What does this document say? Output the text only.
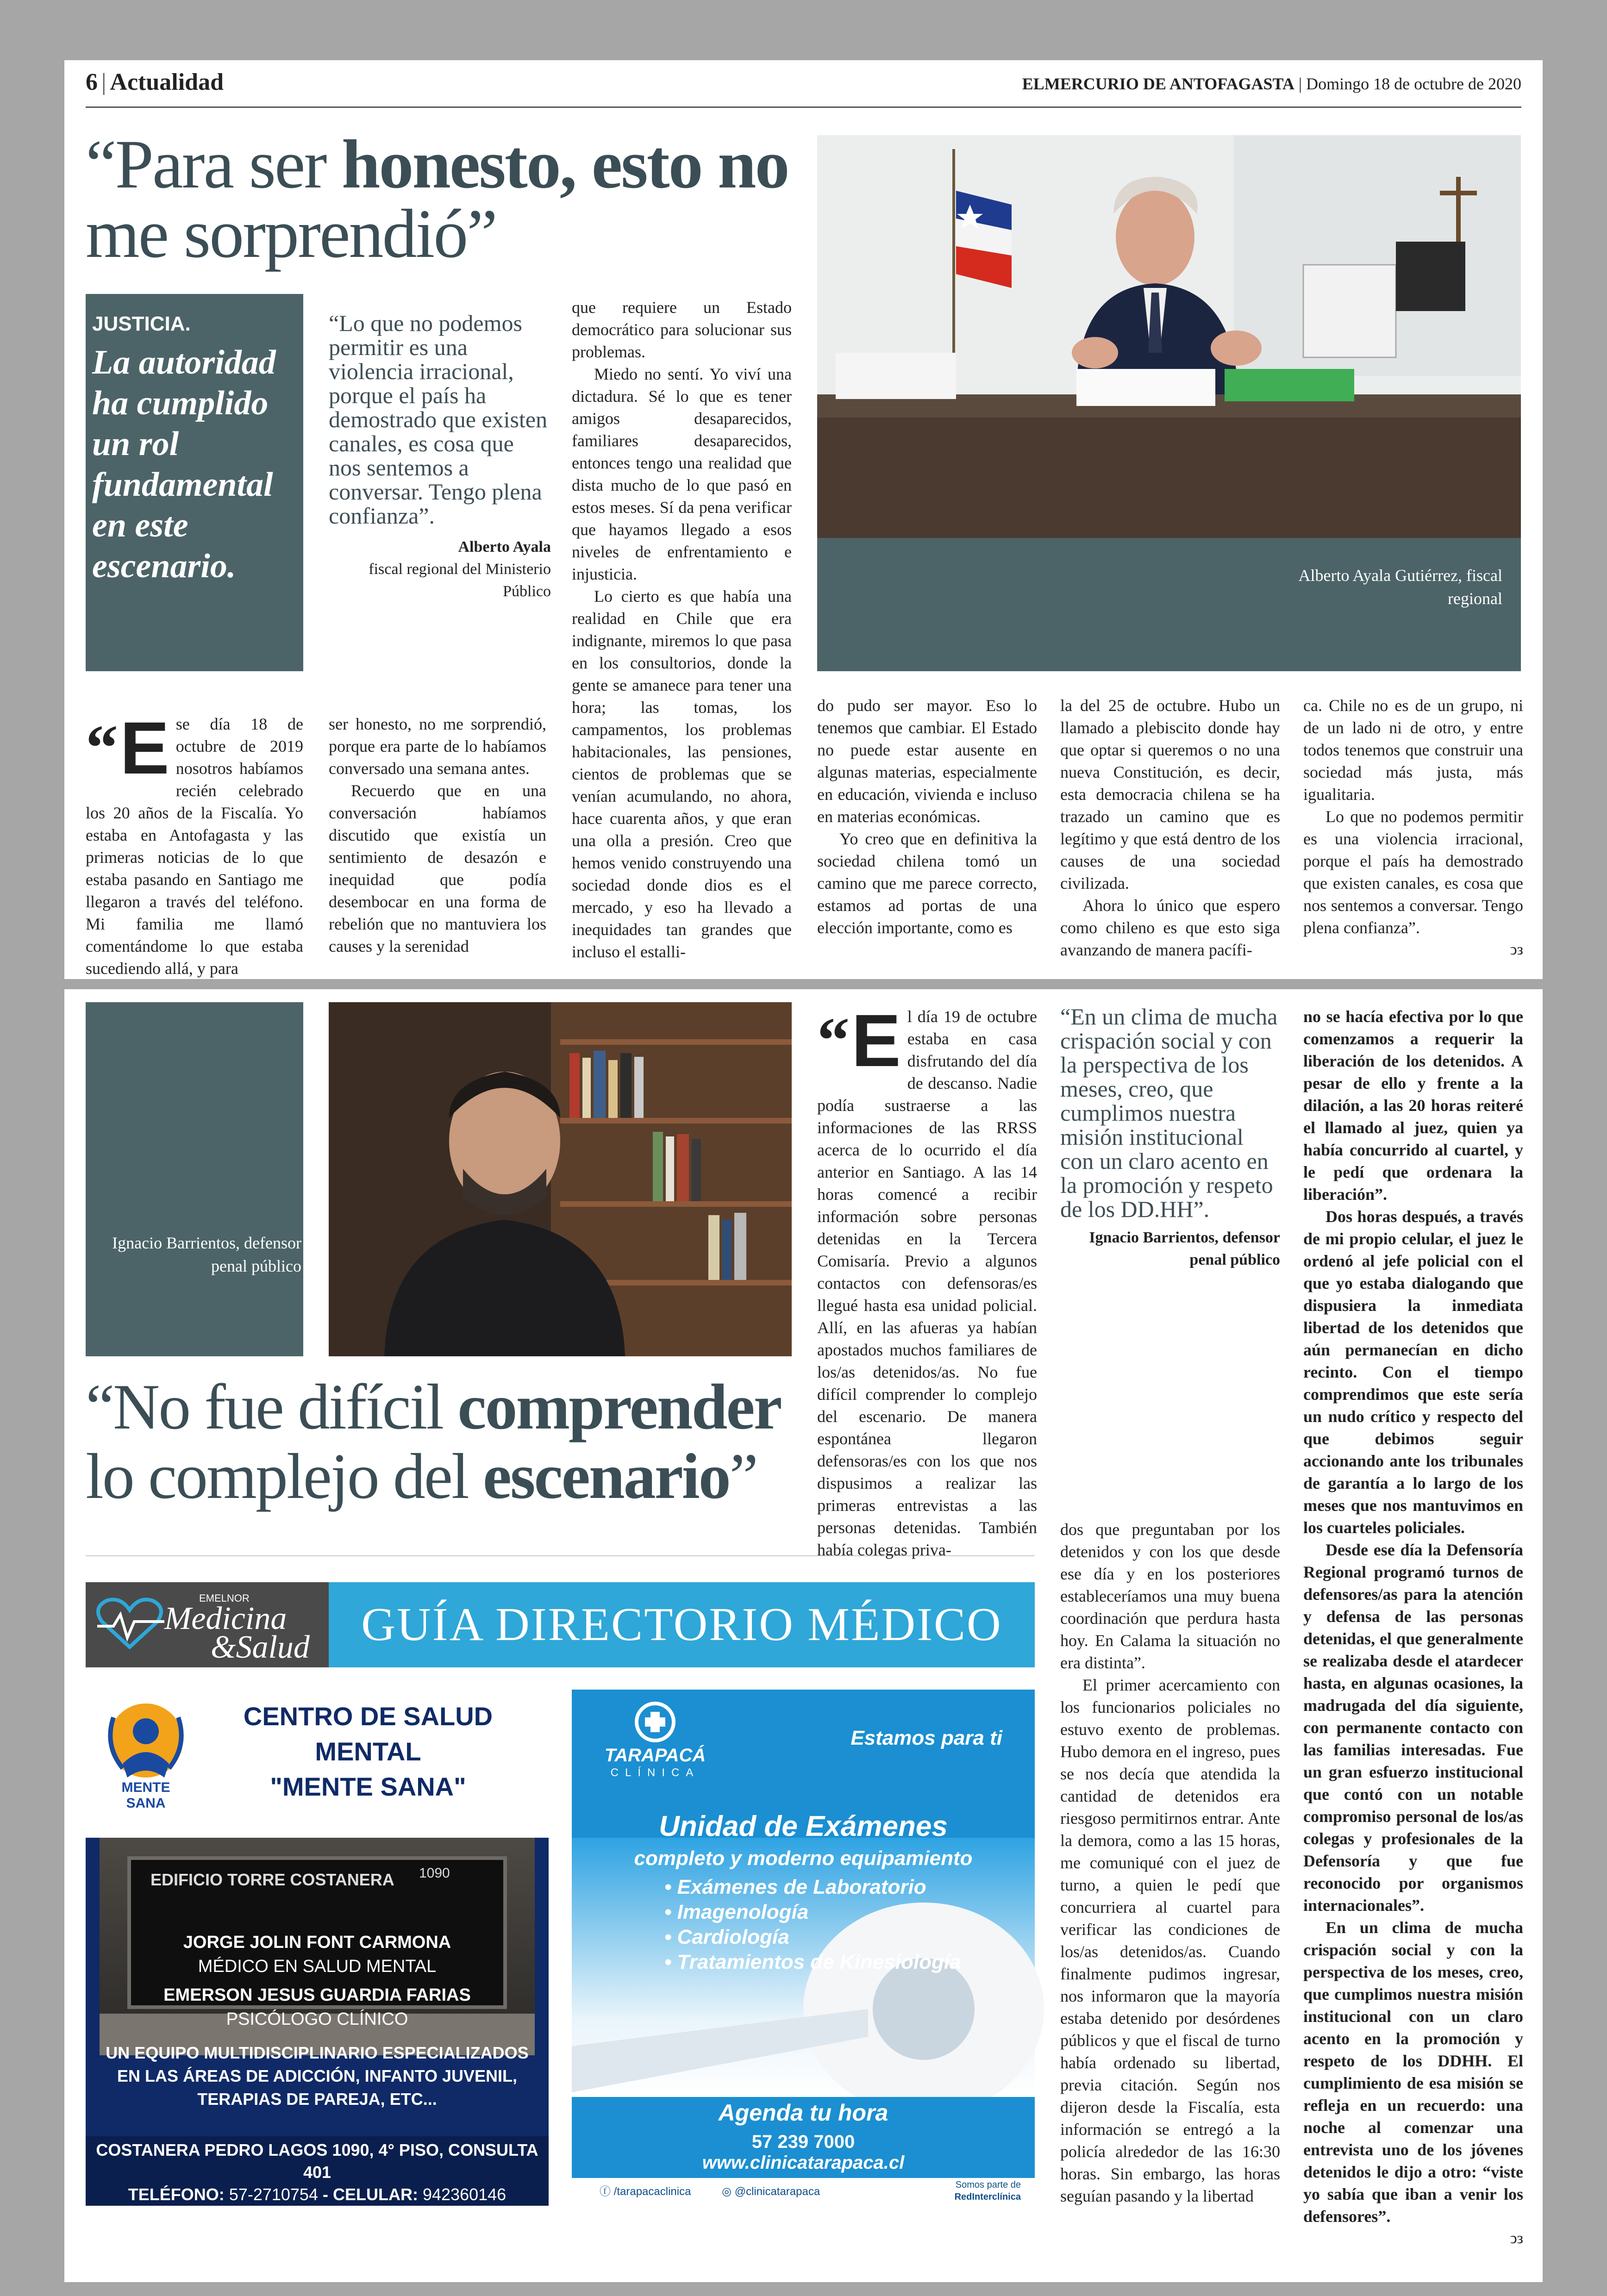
6 | Actualidad	ELMERCURIO DE ANTOFAGASTA | Domingo 18 de octubre de 2020
“Para ser honesto, esto no
me sorprendió”
JUSTICIA.
La autoridad ha cumplido un rol fundamental en este escenario.
“Lo que no podemos permitir es una violencia irracional, porque el país ha demostrado que existen canales, es cosa que nos sentemos a conversar. Tengo plena confianza”.
Alberto Ayala
fiscal regional del Ministerio Público

que requiere un Estado democrático para solucionar sus problemas.

Miedo no sentí. Yo viví una dictadura. Sé lo que es tener amigos desaparecidos, familiares desaparecidos, entonces tengo una realidad que dista mucho de lo que pasó en estos meses. Sí da pena verificar que hayamos llegado a esos niveles de enfrentamiento e injusticia.

Lo cierto es que había una realidad en Chile que era indignante, miremos lo que pasa en los consultorios, donde la gente se amanece para tener una hora; las tomas, los campamentos, los problemas habitacionales, las pensiones, cientos de problemas que se venían acumulando, no ahora, hace cuarenta años, y que eran una olla a presión. Creo que hemos venido construyendo una sociedad donde dios es el mercado, y eso ha llevado a inequidades tan grandes que incluso el estalli-

Alberto Ayala Gutiérrez, fiscal regional

“E se día 18 de octubre de 2019 nosotros habíamos recién celebrado los 20 años de la Fiscalía. Yo estaba en Antofagasta y las primeras noticias de lo que estaba pasando en Santiago me llegaron a través del teléfono. Mi familia me llamó comentándome lo que estaba sucediendo allá, y para

ser honesto, no me sorprendió, porque era parte de lo habíamos conversado una semana antes.

Recuerdo que en una conversación habíamos discutido que existía un sentimiento de desazón e inequidad que podía desembocar en una forma de rebelión que no mantuviera los causes y la serenidad

do pudo ser mayor. Eso lo tenemos que cambiar. El Estado no puede estar ausente en algunas materias, especialmente en educación, vivienda e incluso en materias económicas.

Yo creo que en definitiva la sociedad chilena tomó un camino que me parece correcto, estamos ad portas de una elección importante, como es

la del 25 de octubre. Hubo un llamado a plebiscito donde hay que optar si queremos o no una nueva Constitución, es decir, esta democracia chilena se ha trazado un camino que es legítimo y que está dentro de los causes de una sociedad civilizada.

Ahora lo único que espero como chileno es que esto siga avanzando de manera pacífi-

ca. Chile no es de un grupo, ni de un lado ni de otro, y entre todos tenemos que construir una sociedad más justa, más igualitaria.

Lo que no podemos permitir es una violencia irracional, porque el país ha demostrado que existen canales, es cosa que nos sentemos a conversar. Tengo plena confianza”.

ↄз
Ignacio Barrientos, defensor penal público
“No fue difícil comprender
lo complejo del escenario”

“E l día 19 de octubre estaba en casa disfrutando del día de descanso. Nadie podía sustraerse a las informaciones de las RRSS acerca de lo ocurrido el día anterior en Santiago. A las 14 horas comencé a recibir información sobre personas detenidas en la Tercera Comisaría. Previo a algunos contactos con defensoras/es llegué hasta esa unidad policial. Allí, en las afueras ya habían apostados muchos familiares de los/as detenidos/as. No fue difícil comprender lo complejo del escenario. De manera espontánea llegaron defensoras/es con los que nos dispusimos a realizar las primeras entrevistas a las personas detenidas. También había colegas priva-

“En un clima de mucha crispación social y con la perspectiva de los meses, creo, que cumplimos nuestra misión institucional con un claro acento en la promoción y respeto de los DD.HH”.
Ignacio Barrientos, defensor penal público

dos que preguntaban por los detenidos y con los que desde ese día y en los posteriores estableceríamos una muy buena coordinación que perdura hasta hoy. En Calama la situación no era distinta”.

El primer acercamiento con los funcionarios policiales no estuvo exento de problemas. Hubo demora en el ingreso, pues se nos decía que atendida la cantidad de detenidos era riesgoso permitirnos entrar. Ante la demora, como a las 15 horas, me comuniqué con el juez de turno, a quien le pedí que concurriera al cuartel para verificar las condiciones de los/as detenidos/as. Cuando finalmente pudimos ingresar, nos informaron que la mayoría estaba detenido por desórdenes públicos y que el fiscal de turno había ordenado su libertad, previa citación. Según nos dijeron desde la Fiscalía, esta información se entregó a la policía alrededor de las 16:30 horas. Sin embargo, las horas seguían pasando y la libertad

no se hacía efectiva por lo que comenzamos a requerir la liberación de los detenidos. A pesar de ello y frente a la dilación, a las 20 horas reiteré el llamado al juez, quien ya había concurrido al cuartel, y le pedí que ordenara la liberación”.

Dos horas después, a través de mi propio celular, el juez le ordenó al jefe policial con el que yo estaba dialogando que dispusiera la inmediata libertad de los detenidos que aún permanecían en dicho recinto. Con el tiempo comprendimos que este sería un nudo crítico y respecto del que debimos seguir accionando ante los tribunales de garantía a lo largo de los meses que nos mantuvimos en los cuarteles policiales.

Desde ese día la Defensoría Regional programó turnos de defensores/as para la atención y defensa de las personas detenidas, el que generalmente se realizaba desde el atardecer hasta, en algunas ocasiones, la madrugada del día siguiente, con permanente contacto con las familias interesadas. Fue un gran esfuerzo institucional que contó con un notable compromiso personal de los/as colegas y profesionales de la Defensoría y que fue reconocido por organismos internacionales”.

En un clima de mucha crispación social y con la perspectiva de los meses, creo, que cumplimos nuestra misión institucional con un claro acento en la promoción y respeto de los DDHH. El cumplimiento de esa misión se refleja en un recuerdo: una noche al comenzar una entrevista uno de los jóvenes detenidos le dijo a otro: “viste yo sabía que iban a venir los defensores”.

ↄз
EMELNOR
Medicina
&Salud	GUÍA DIRECTORIO MÉDICO
MENTE SANA
CENTRO DE SALUD MENTAL
"MENTE SANA"
EDIFICIO TORRE COSTANERA 1090
JORGE JOLIN FONT CARMONA
MÉDICO EN SALUD MENTAL
EMERSON JESUS GUARDIA FARIAS
PSICÓLOGO CLÍNICO
UN EQUIPO MULTIDISCIPLINARIO ESPECIALIZADOS
EN LAS ÁREAS DE ADICCIÓN, INFANTO JUVENIL,
TERAPIAS DE PAREJA, ETC...
COSTANERA PEDRO LAGOS 1090, 4° PISO, CONSULTA 401
TELÉFONO: 57-2710754 - CELULAR: 942360146
EMAIL: mentesana.sm@gmail.com
TARAPACÁ
CLÍNICA
Estamos para ti
Unidad de Exámenes
completo y moderno equipamiento
• Exámenes de Laboratorio
• Imagenología
• Cardiología
• Tratamientos de Kinesiología
Agenda tu hora
57 239 7000
www.clinicatarapaca.cl
ⓕ /tarapacaclinica	◎ @clinicatarapaca
Somos parte de
RedInterclínica
